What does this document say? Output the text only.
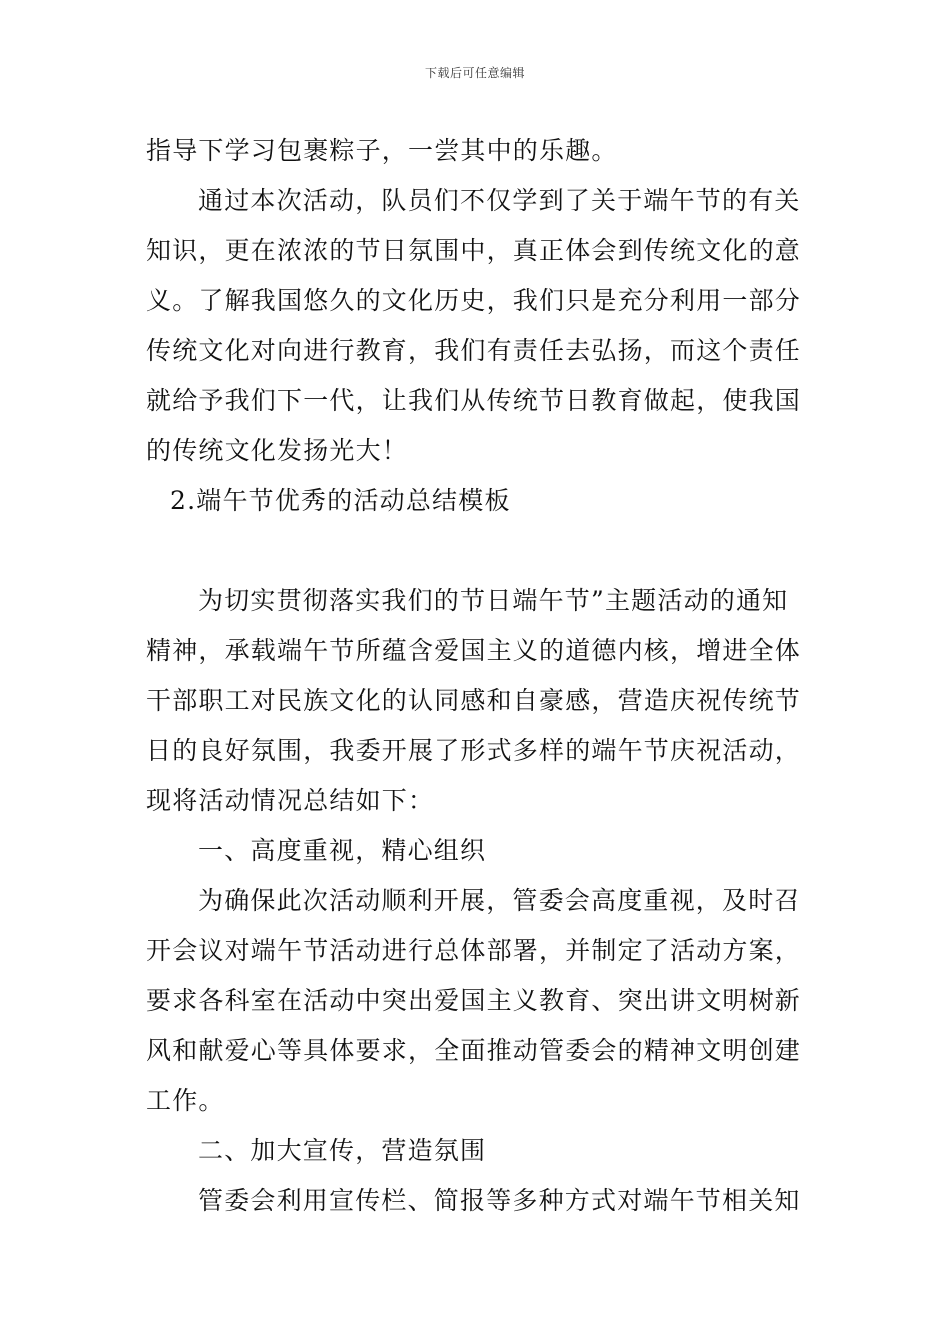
下载后可任意编辑
指导下学习包裹粽子，一尝其中的乐趣。
通过本次活动，队员们不仅学到了关于端午节的有关
知识，更在浓浓的节日氛围中，真正体会到传统文化的意
义。了解我国悠久的文化历史，我们只是充分利用一部分
传统文化对向进行教育，我们有责任去弘扬，而这个责任
就给予我们下一代，让我们从传统节日教育做起，使我国
的传统文化发扬光大！
2.端午节优秀的活动总结模板
为切实贯彻落实我们的节日端午节”主题活动的通知
精神，承载端午节所蕴含爱国主义的道德内核，增进全体
干部职工对民族文化的认同感和自豪感，营造庆祝传统节
日的良好氛围，我委开展了形式多样的端午节庆祝活动，
现将活动情况总结如下：
一、高度重视，精心组织
为确保此次活动顺利开展，管委会高度重视，及时召
开会议对端午节活动进行总体部署，并制定了活动方案，
要求各科室在活动中突出爱国主义教育、突出讲文明树新
风和献爱心等具体要求，全面推动管委会的精神文明创建
工作。
二、加大宣传，营造氛围
管委会利用宣传栏、简报等多种方式对端午节相关知
